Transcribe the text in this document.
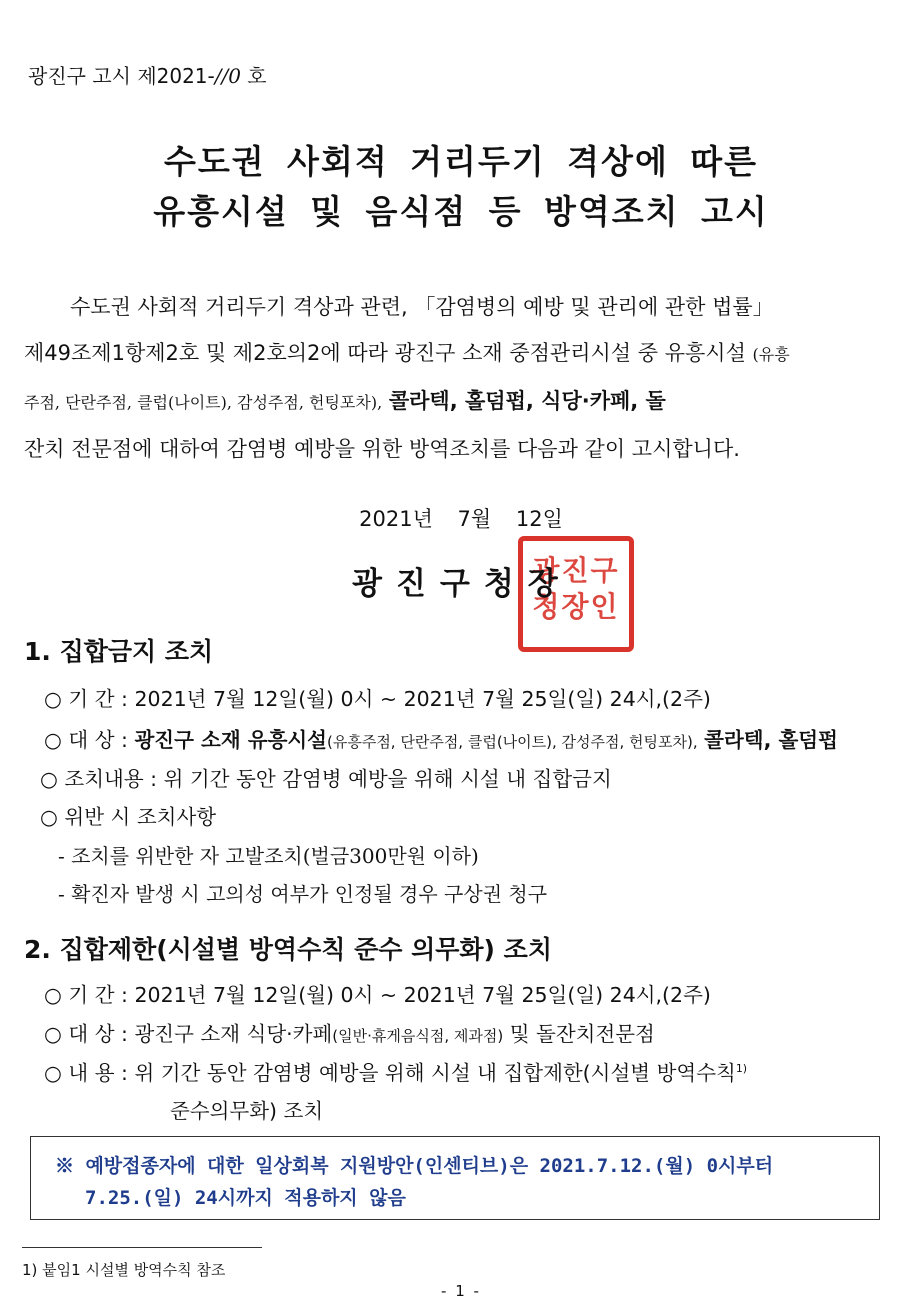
광진구 고시 제2021-//0 호
수도권 사회적 거리두기 격상에 따른
유흥시설 및 음식점 등 방역조치 고시
수도권 사회적 거리두기 격상과 관련, 「감염병의 예방 및 관리에 관한 법률」
제49조제1항제2호 및 제2호의2에 따라 광진구 소재 중점관리시설 중 유흥시설 (유흥
주점, 단란주점, 클럽(나이트), 감성주점, 헌팅포차), 콜라텍, 홀덤펍, 식당·카페, 돌
잔치 전문점에 대하여 감염병 예방을 위한 방역조치를 다음과 같이 고시합니다.
2021년 7월 12일
광진구
청장인
광진구청장
1. 집합금지 조치
○ 기 간 : 2021년 7월 12일(월) 0시 ~ 2021년 7월 25일(일) 24시,(2주)
○ 대 상 : 광진구 소재 유흥시설(유흥주점, 단란주점, 클럽(나이트), 감성주점, 헌팅포차), 콜라텍, 홀덤펍
○ 조치내용 : 위 기간 동안 감염병 예방을 위해 시설 내 집합금지
○ 위반 시 조치사항
- 조치를 위반한 자 고발조치(벌금300만원 이하)
- 확진자 발생 시 고의성 여부가 인정될 경우 구상권 청구
2. 집합제한(시설별 방역수칙 준수 의무화) 조치
○ 기 간 : 2021년 7월 12일(월) 0시 ~ 2021년 7월 25일(일) 24시,(2주)
○ 대 상 : 광진구 소재 식당·카페(일반·휴게음식점, 제과점) 및 돌잔치전문점
○ 내 용 : 위 기간 동안 감염병 예방을 위해 시설 내 집합제한(시설별 방역수칙$^{1)}$
준수의무화) 조치
※ 예방접종자에 대한 일상회복 지원방안(인센티브)은 2021.7.12.(월) 0시부터
7.25.(일) 24시까지 적용하지 않음
1) 붙임1 시설별 방역수칙 참조
- 1 -
